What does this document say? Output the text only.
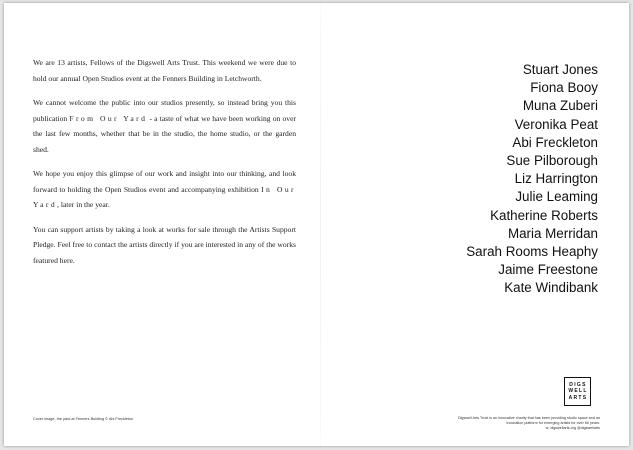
We are 13 artists, Fellows of the Digswell Arts Trust. This weekend we were due to hold our annual Open Studios event at the Fenners Building in Letchworth.

We cannot welcome the public into our studios presently, so instead bring you this publication From Our Yard - a taste of what we have been working on over the last few months, whether that be in the studio, the home studio, or the garden shed.

We hope you enjoy this glimpse of our work and insight into our thinking, and look forward to holding the Open Studios event and accompanying exhibition In Our Yard, later in the year.

You can support artists by taking a look at works for sale through the Artists Support Pledge. Feel free to contact the artists directly if you are interested in any of the works featured here.

Stuart Jones
Fiona Booy
Muna Zuberi
Veronika Peat
Abi Freckleton
Sue Pilborough
Liz Harrington
Julie Leaming
Katherine Roberts
Maria Merridan
Sarah Rooms Heaphy
Jaime Freestone
Kate Windibank
Cover image, the yard at Fenners Building © Abi Freckleton
DIGS
WELL
ARTS
Digswell Arts Trust is an innovative charity that has been providing studio space and an incubation platform for emerging artists for over 60 years.
w: digswellarts.org @digswellarts
